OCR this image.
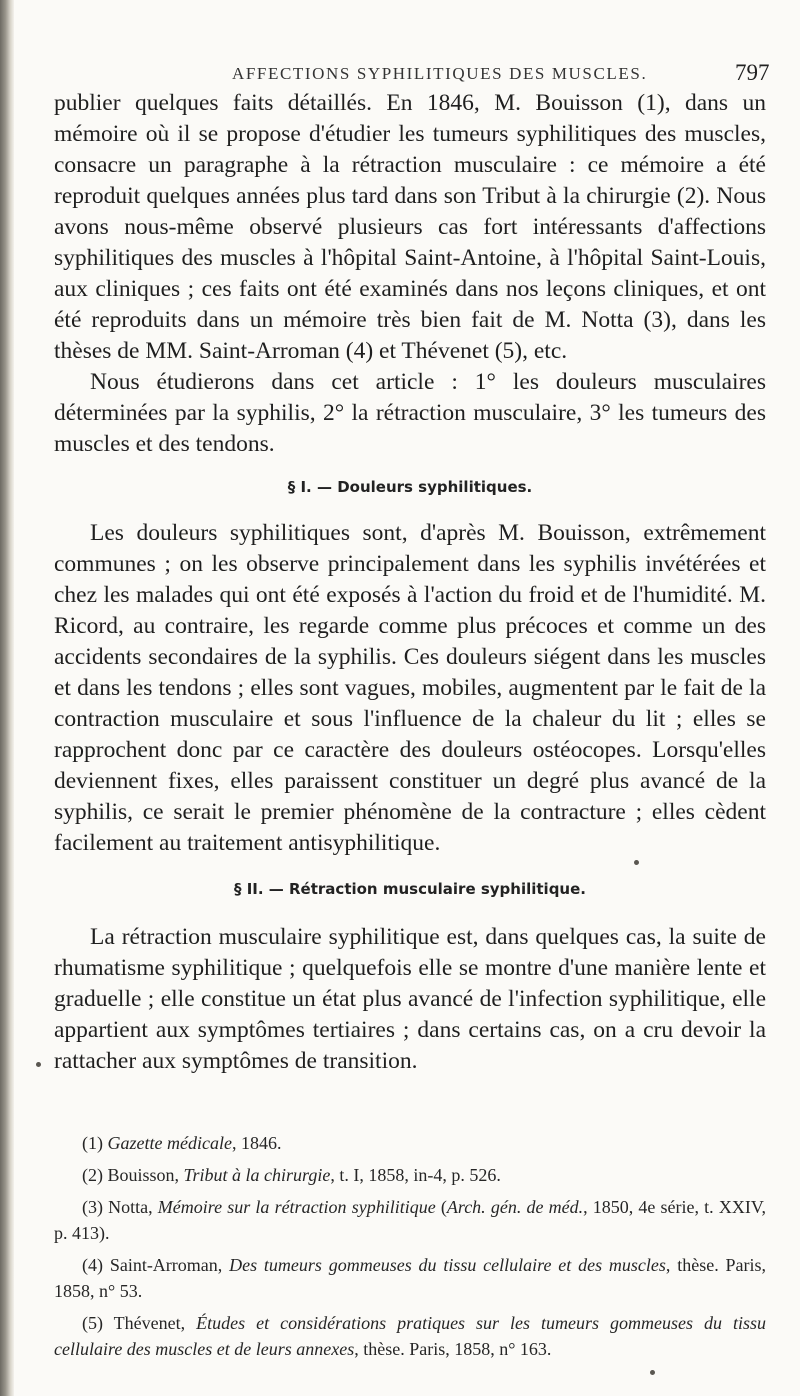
AFFECTIONS SYPHILITIQUES DES MUSCLES.	797

publier quelques faits détaillés. En 1846, M. Bouisson (1), dans un mémoire où il se propose d'étudier les tumeurs syphilitiques des muscles, consacre un paragraphe à la rétraction musculaire : ce mémoire a été reproduit quelques années plus tard dans son Tribut à la chirurgie (2). Nous avons nous-même observé plusieurs cas fort intéressants d'affections syphilitiques des muscles à l'hôpital Saint-Antoine, à l'hôpital Saint-Louis, aux cliniques ; ces faits ont été examinés dans nos leçons cliniques, et ont été reproduits dans un mémoire très bien fait de M. Notta (3), dans les thèses de MM. Saint-Arroman (4) et Thévenet (5), etc.

Nous étudierons dans cet article : 1° les douleurs musculaires déterminées par la syphilis, 2° la rétraction musculaire, 3° les tumeurs des muscles et des tendons.

§ I. — Douleurs syphilitiques.

Les douleurs syphilitiques sont, d'après M. Bouisson, extrêmement communes ; on les observe principalement dans les syphilis invétérées et chez les malades qui ont été exposés à l'action du froid et de l'humidité. M. Ricord, au contraire, les regarde comme plus précoces et comme un des accidents secondaires de la syphilis. Ces douleurs siégent dans les muscles et dans les tendons ; elles sont vagues, mobiles, augmentent par le fait de la contraction musculaire et sous l'influence de la chaleur du lit ; elles se rapprochent donc par ce caractère des douleurs ostéocopes. Lorsqu'elles deviennent fixes, elles paraissent constituer un degré plus avancé de la syphilis, ce serait le premier phénomène de la contracture ; elles cèdent facilement au traitement antisyphilitique.

§ II. — Rétraction musculaire syphilitique.

La rétraction musculaire syphilitique est, dans quelques cas, la suite de rhumatisme syphilitique ; quelquefois elle se montre d'une manière lente et graduelle ; elle constitue un état plus avancé de l'infection syphilitique, elle appartient aux symptômes tertiaires ; dans certains cas, on a cru devoir la rattacher aux symptômes de transition.

(1) Gazette médicale, 1846.

(2) Bouisson, Tribut à la chirurgie, t. I, 1858, in-4, p. 526.

(3) Notta, Mémoire sur la rétraction syphilitique (Arch. gén. de méd., 1850, 4e série, t. XXIV, p. 413).

(4) Saint-Arroman, Des tumeurs gommeuses du tissu cellulaire et des muscles, thèse. Paris, 1858, n° 53.

(5) Thévenet, Études et considérations pratiques sur les tumeurs gommeuses du tissu cellulaire des muscles et de leurs annexes, thèse. Paris, 1858, n° 163.
